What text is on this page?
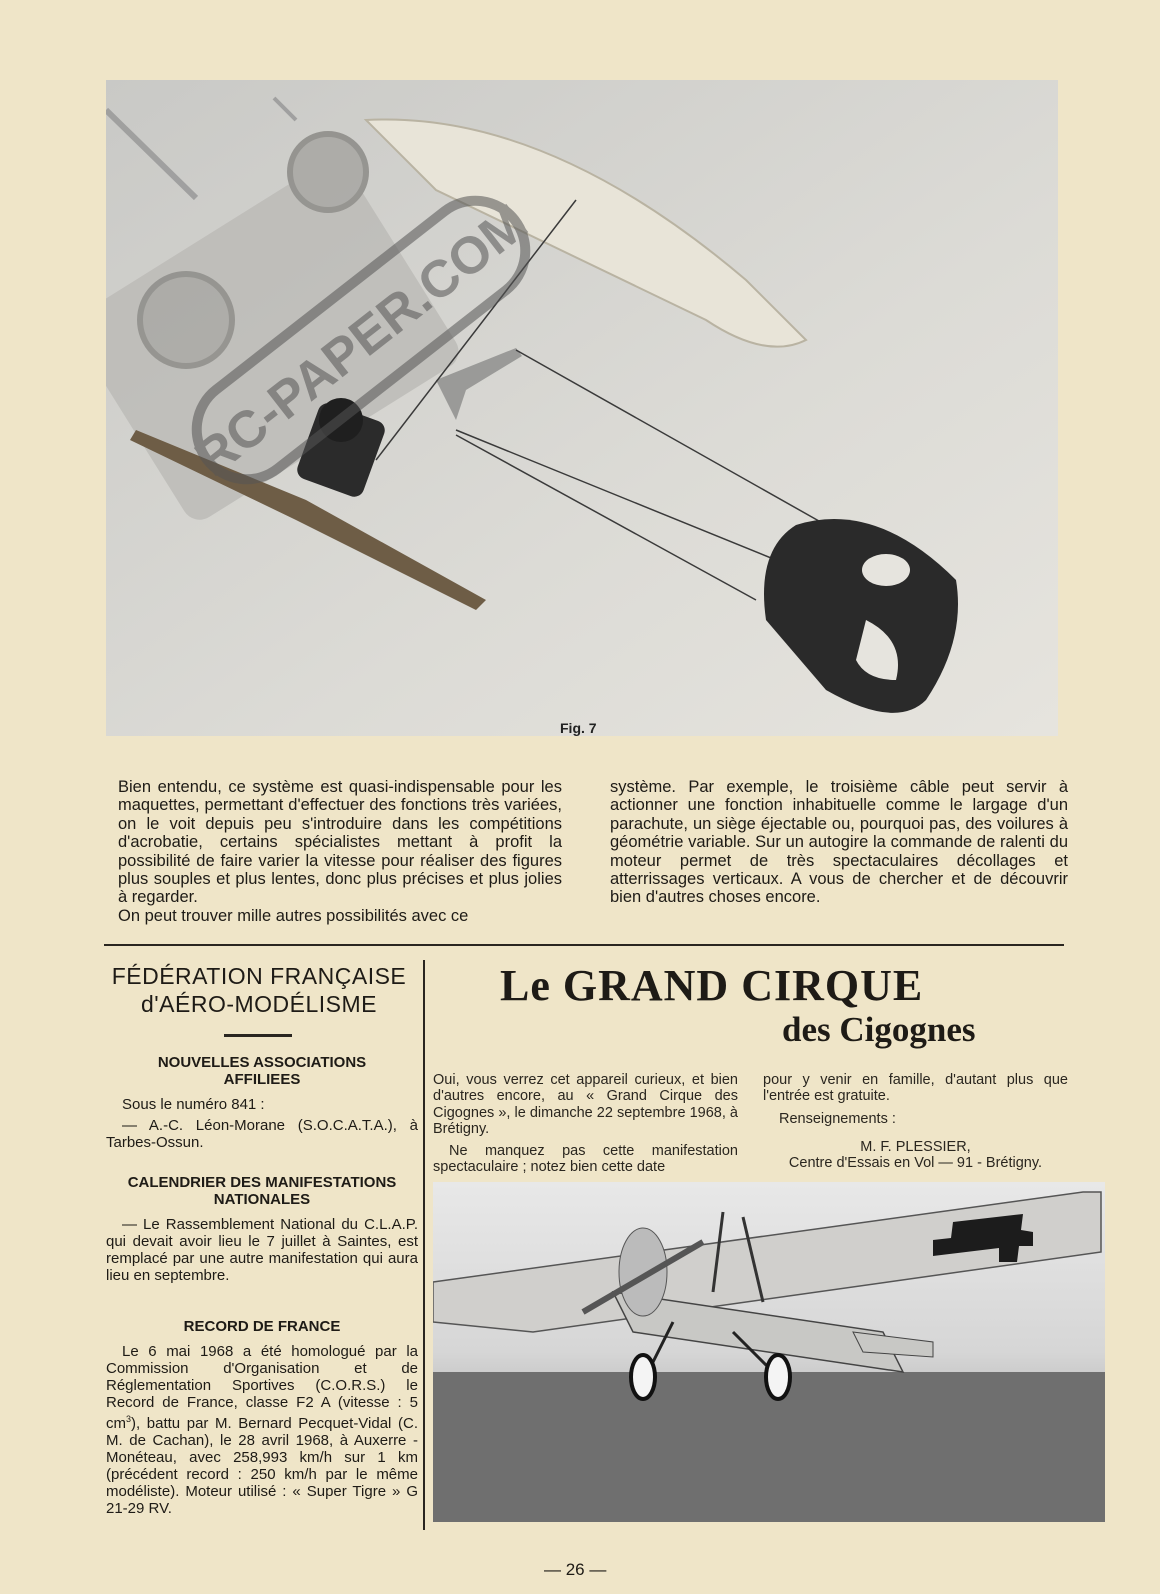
RC-PAPER.COM
Fig. 7

Bien entendu, ce système est quasi-indispensable pour les maquettes, permettant d'effectuer des fonctions très variées, on le voit depuis peu s'introduire dans les compétitions d'acrobatie, certains spécialistes mettant à profit la possibilité de faire varier la vitesse pour réaliser des figures plus souples et plus lentes, donc plus précises et plus jolies à regarder.

On peut trouver mille autres possibilités avec ce

système. Par exemple, le troisième câble peut servir à actionner une fonction inhabituelle comme le largage d'un parachute, un siège éjectable ou, pourquoi pas, des voilures à géométrie variable. Sur un autogire la commande de ralenti du moteur permet de très spectaculaires décollages et atterrissages verticaux. A vous de chercher et de découvrir bien d'autres choses encore.

FÉDÉRATION FRANÇAISE
d'AÉRO-MODÉLISME
NOUVELLES ASSOCIATIONS AFFILIEES

Sous le numéro 841 :

— A.-C. Léon-Morane (S.O.C.A.T.A.), à Tarbes-Ossun.

CALENDRIER DES MANIFESTATIONS NATIONALES

— Le Rassemblement National du C.L.A.P. qui devait avoir lieu le 7 juillet à Saintes, est remplacé par une autre manifestation qui aura lieu en septembre.

RECORD DE FRANCE

Le 6 mai 1968 a été homologué par la Commission d'Organisation et de Réglementation Sportives (C.O.R.S.) le Record de France, classe F2 A (vitesse : 5 $cm^3$), battu par M. Bernard Pecquet-Vidal (C. M. de Cachan), le 28 avril 1968, à Auxerre - Monéteau, avec 258,993 km/h sur 1 km (précédent record : 250 km/h par le même modéliste). Moteur utilisé : « Super Tigre » G 21-29 RV.

Le GRAND CIRQUE
des Cigognes

Oui, vous verrez cet appareil curieux, et bien d'autres encore, au « Grand Cirque des Cigognes », le dimanche 22 septembre 1968, à Brétigny.

Ne manquez pas cette manifestation spectaculaire ; notez bien cette date

pour y venir en famille, d'autant plus que l'entrée est gratuite.

Renseignements :

M. F. PLESSIER,

Centre d'Essais en Vol — 91 - Brétigny.

— 26 —
